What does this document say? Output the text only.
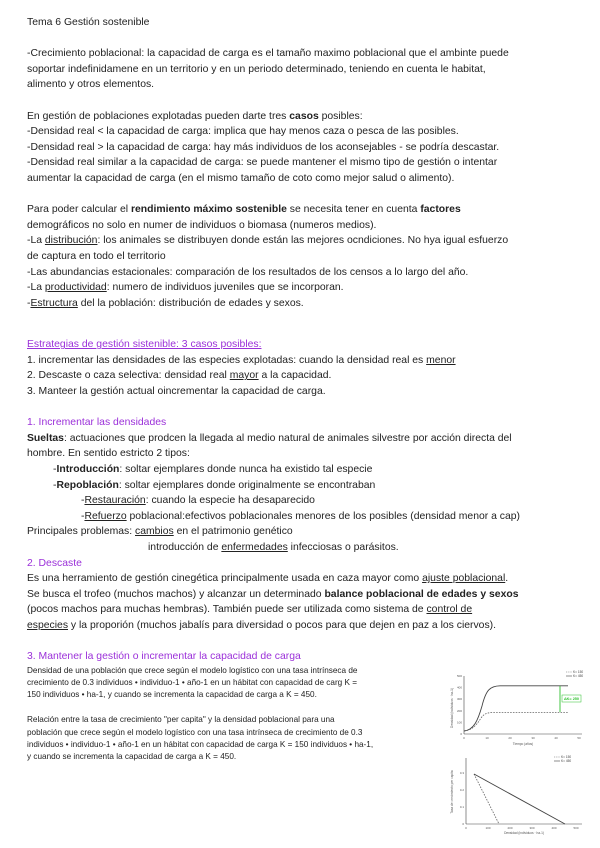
Tema 6 Gestión sostenible
-Crecimiento poblacional: la capacidad de carga es el tamaño maximo poblacional que el ambinte puede
soportar indefinidamene en un territorio y en un periodo determinado, teniendo en cuenta le habitat,
alimento y otros elementos.
En gestión de poblaciones explotadas pueden darte tres casos posibles:
-Densidad real < la capacidad de carga: implica que hay menos caza o pesca de las posibles.
-Densidad real > la capacidad de carga: hay más individuos de los aconsejables - se podría descastar.
-Densidad real similar a la capacidad de carga: se puede mantener el mismo tipo de gestión o intentar
aumentar la capacidad de carga (en el mismo tamaño de coto como mejor salud o alimento).
Para poder calcular el rendimiento máximo sostenible se necesita tener en cuenta factores
demográficos no solo en numer de individuos o biomasa (numeros medios).
-La distribución: los animales se distribuyen donde están las mejores ocndiciones. No hya igual esfuerzo
de captura en todo el territorio
-Las abundancias estacionales: comparación de los resultados de los censos a lo largo del año.
-La productividad: numero de individuos juveniles que se incorporan.
-Estructura del la población: distribución de edades y sexos.
Estrategias de gestión sistenible: 3 casos posibles:
1. incrementar las densidades de las especies explotadas: cuando la densidad real es menor
2. Descaste o caza selectiva: densidad real mayor a la capacidad.
3. Manteer la gestión actual oincrementar la capacidad de carga.
1. Incrementar las densidades
Sueltas: actuaciones que prodcen la llegada al medio natural de animales silvestre por acción directa del
hombre. En sentido estricto 2 tipos:
-Introducción: soltar ejemplares donde nunca ha existido tal especie
-Repoblación: soltar ejemplares donde originalmente se encontraban
-Restauración: cuando la especie ha desaparecido
-Refuerzo poblacional:efectivos poblacionales menores de los posibles (densidad menor a cap)
Principales problemas: cambios en el patrimonio genético
introducción de enfermedades infecciosas o parásitos.
2. Descaste
Es una herramiento de gestión cinegética principalmente usada en caza mayor como ajuste poblacional.
Se busca el trofeo (muchos machos) y alcanzar un determinado balance poblacional de edades y sexos
(pocos machos para muchas hembras). También puede ser utilizada como sistema de control de
especies y la proporión (muchos jabalís para diversidad o pocos para que dejen en paz a los ciervos).
3. Mantener la gestión o incrementar la capacidad de carga
Densidad de una población que crece según el modelo logístico con una tasa intrínseca de
crecimiento de 0.3 individuos • individuo-1 • año-1 en un hábitat con capacidad de carg K =
150 individuos • ha-1, y cuando se incrementa la capacidad de carga a K = 450.
Relación entre la tasa de crecimiento "per capita" y la densidad poblacional para una
población que crece según el modelo logístico con una tasa intrínseca de crecimiento de 0.3
individuos • individuo-1 • año-1 en un hábitat con capacidad de carga K = 150 individuos • ha-1,
y cuando se incrementa la capacidad de carga a K = 450.
Densidad (individuos · ha-1)
0
100
200
300
400
500
0	10	20	30	40	50
Tiempo (años)
ΔK= 250
K= 150
K= 450
Tasa de crecimiento per capita
0
0.1
0.2
0.3
0	100	200	300	400	500
Densidad (individuos · ha-1)
K= 150
K= 450
